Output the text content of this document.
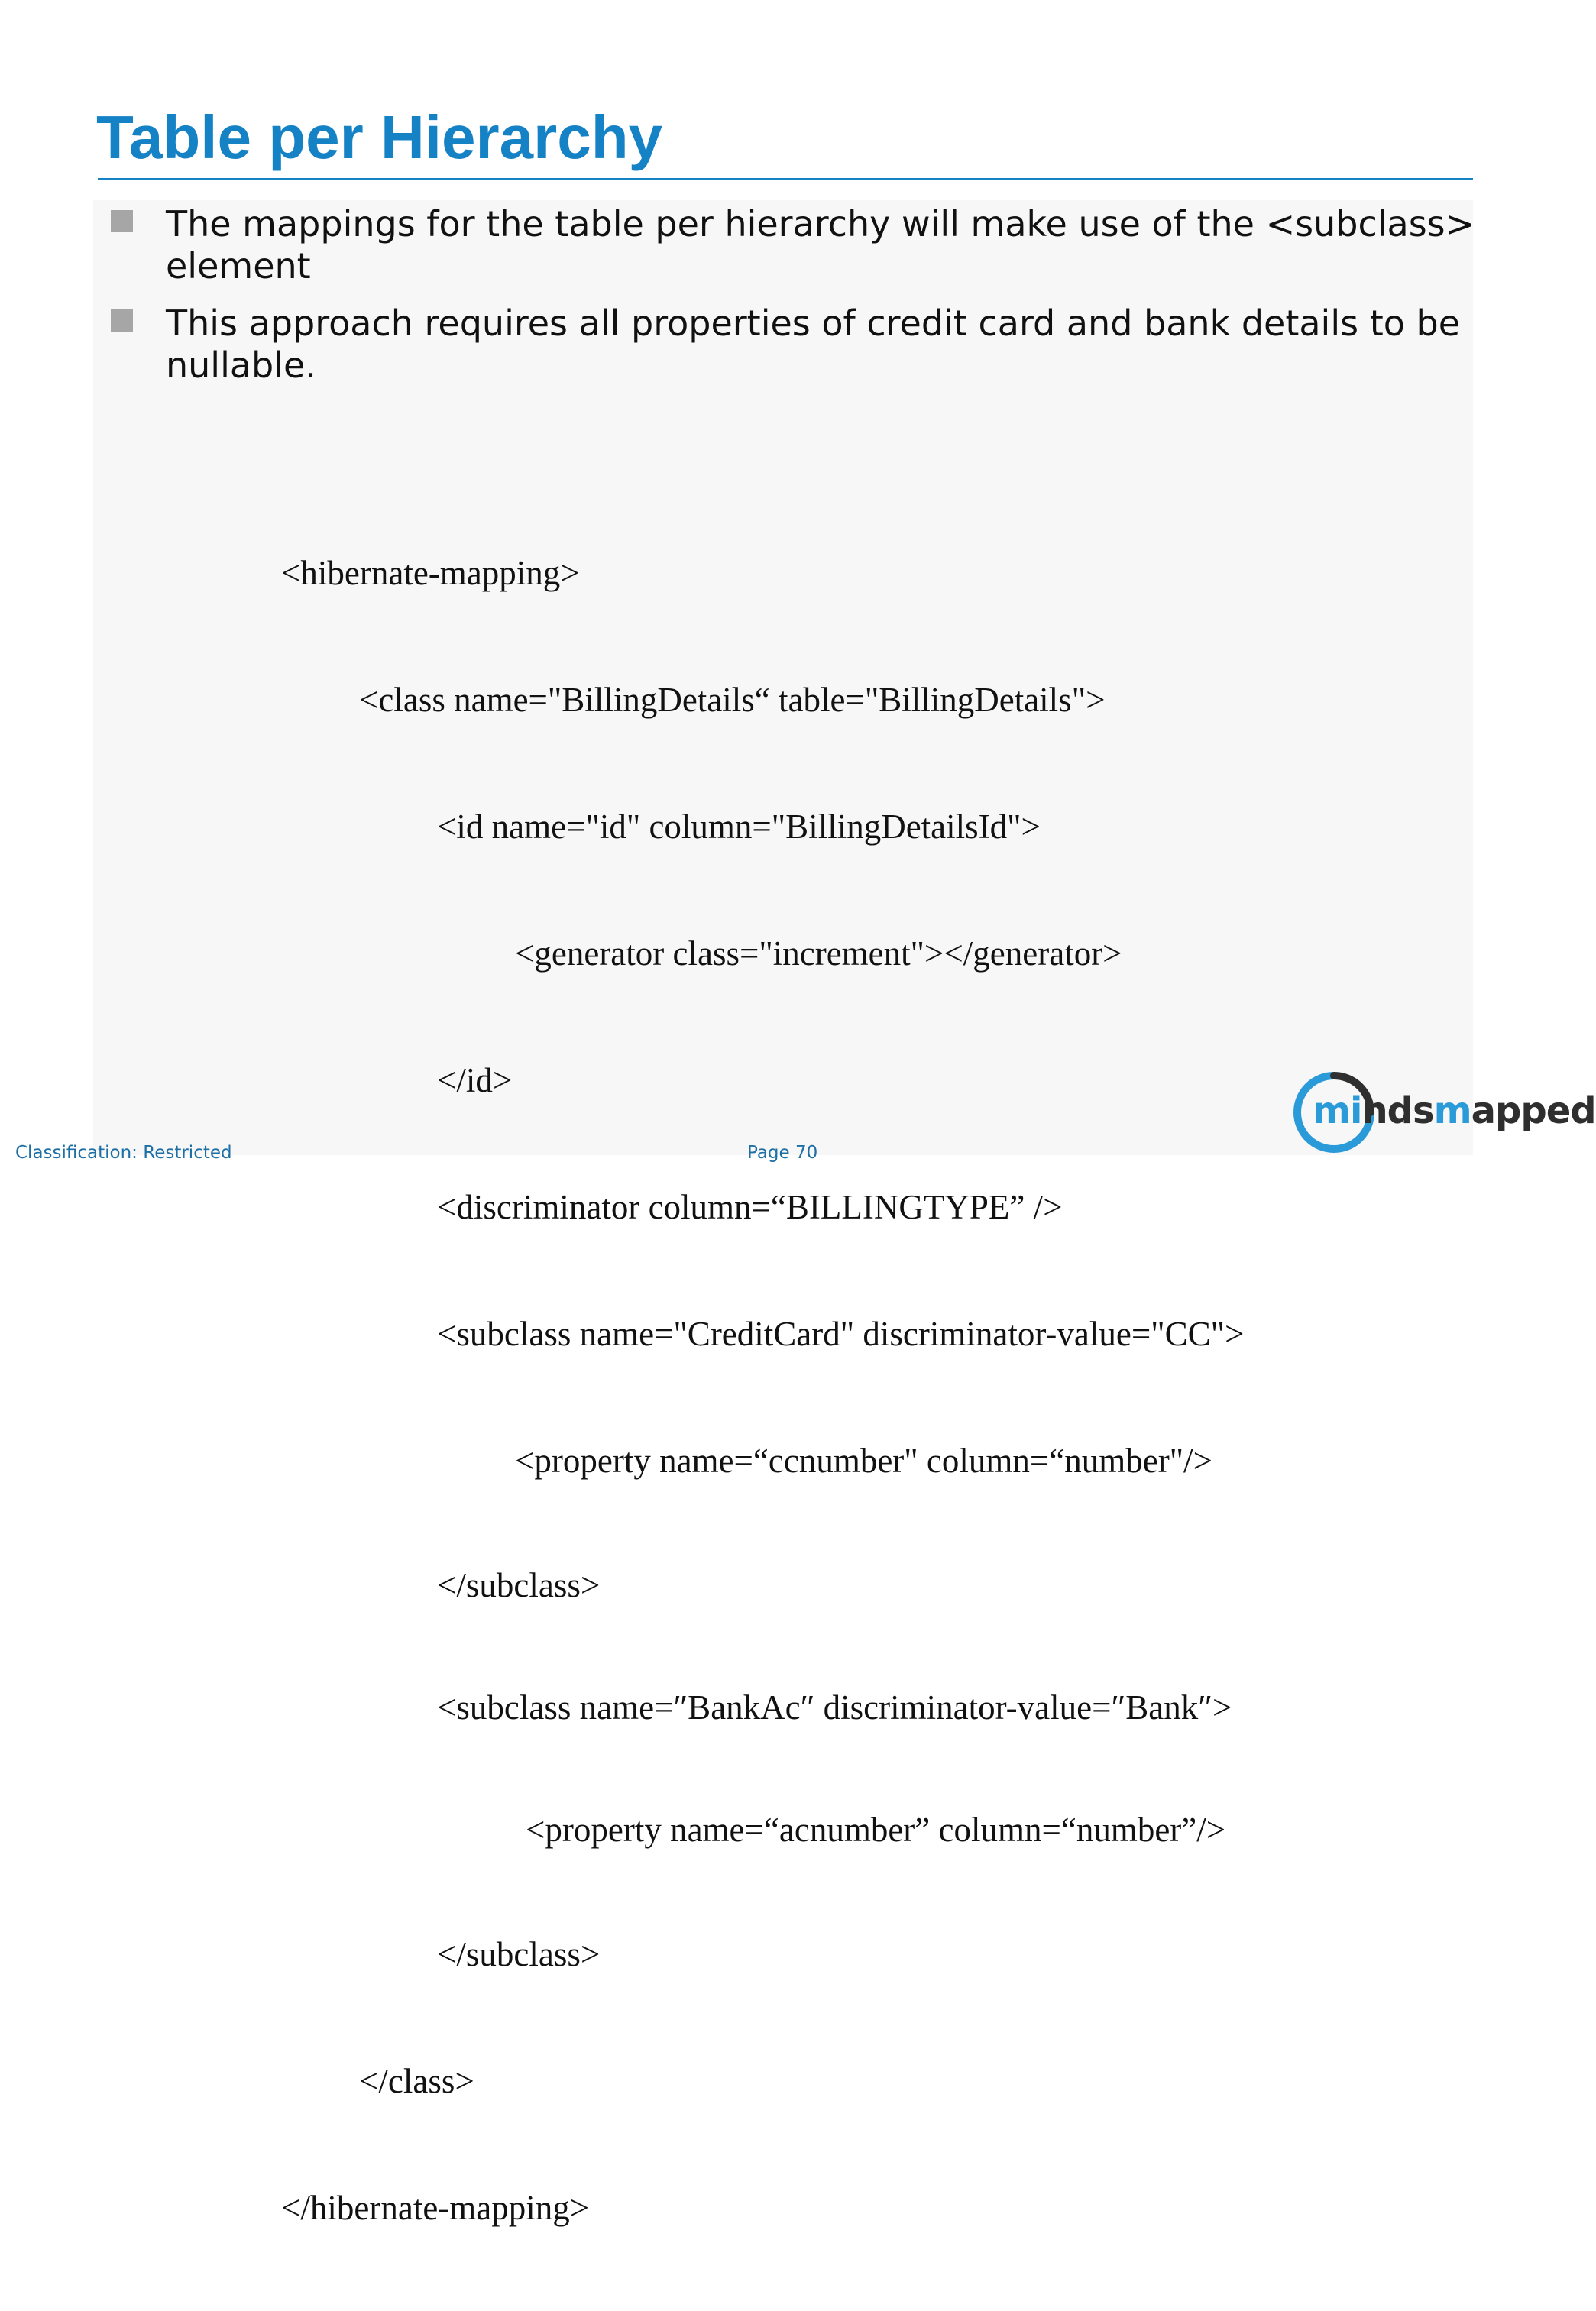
Table per Hierarchy
The mappings for the table per hierarchy will make use of the <subclass> element
This approach requires all properties of credit card and bank details to be nullable.

<hibernate-mapping>

<class name="BillingDetails“ table="BillingDetails">

<id name="id" column="BillingDetailsId">

<generator class="increment"></generator>

</id>

<discriminator column=“BILLINGTYPE” />

<subclass name="CreditCard" discriminator-value="CC">

<property name=“ccnumber" column=“number"/>

</subclass>

<subclass name=″BankAc″ discriminator-value=″Bank″>

<property name=“acnumber” column=“number”/>

</subclass>

</class>

</hibernate-mapping>

Classification: Restricted	Page 70
mindsmapped
